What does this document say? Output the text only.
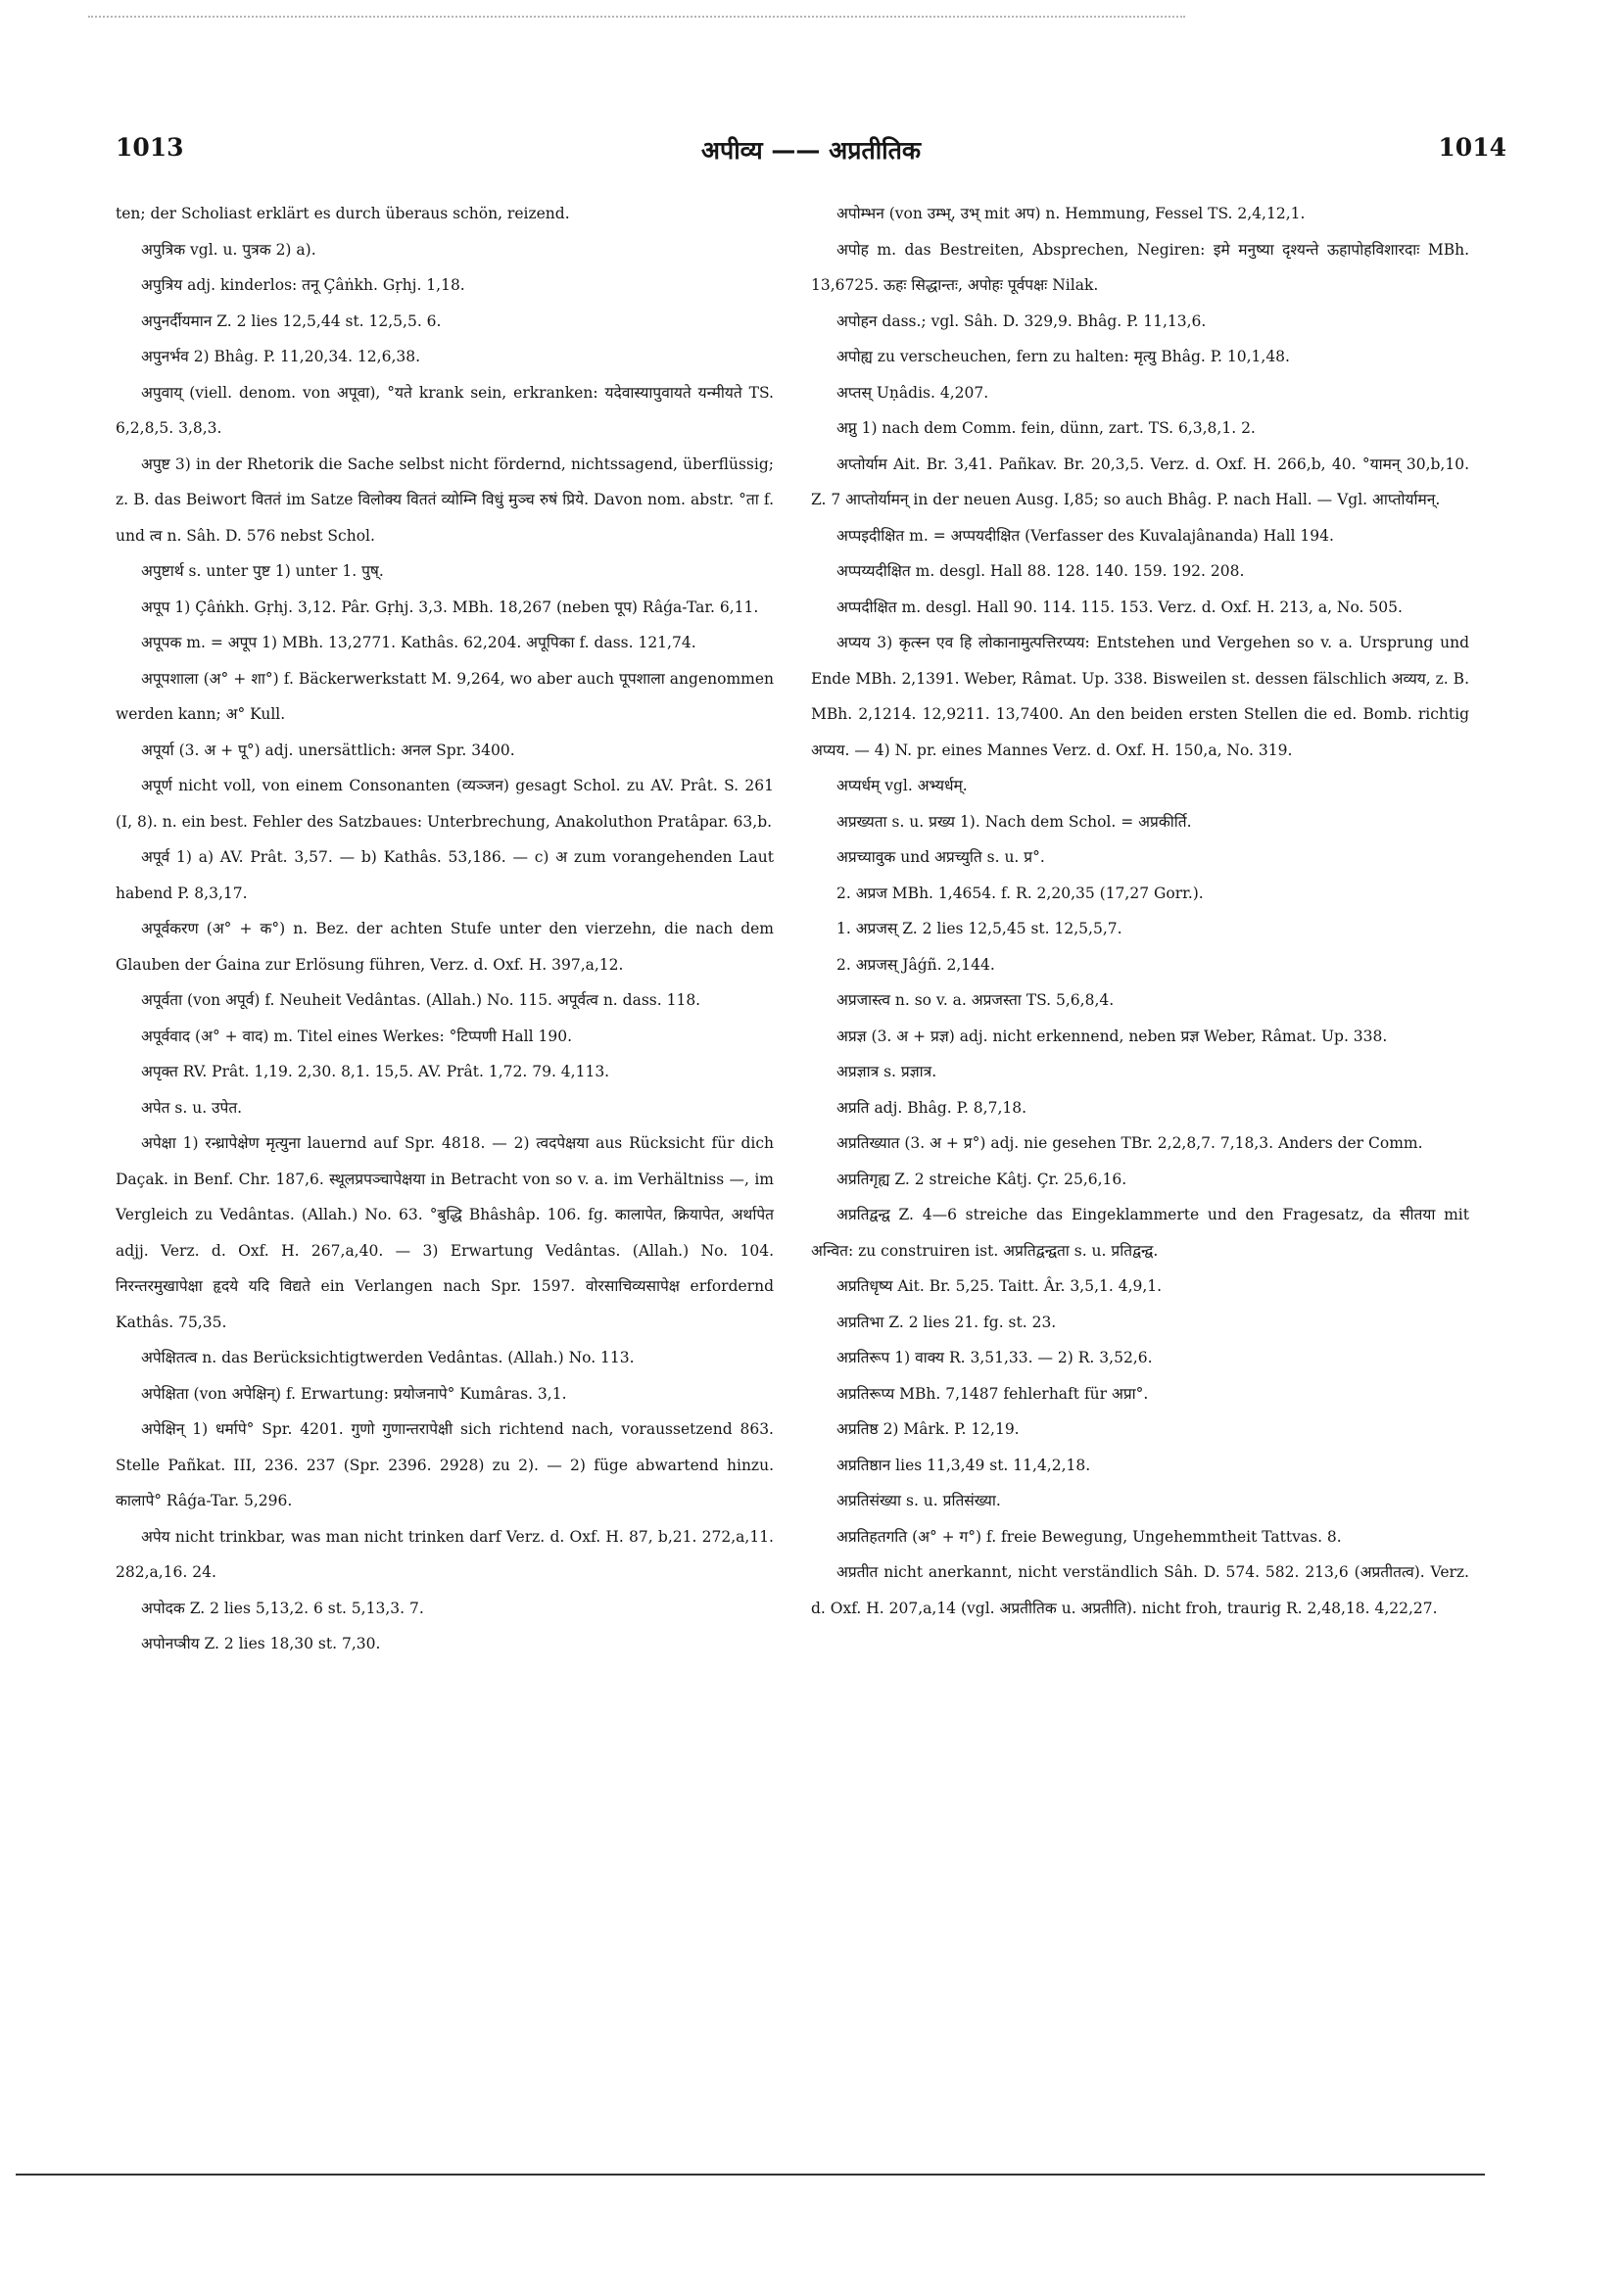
1013	अपीव्य —— अप्रतीतिक	1014

ten; der Scholiast erklärt es durch überaus schön, reizend.

अपुत्रिक vgl. u. पुत्रक 2) a).

अपुत्रिय adj. kinderlos: तनू Çâṅkh. Gṛhj. 1,18.

अपुनर्दीयमान Z. 2 lies 12,5,44 st. 12,5,5. 6.

अपुनर्भव 2) Bhâg. P. 11,20,34. 12,6,38.

अपुवाय् (viell. denom. von अपूवा), °यते krank sein, erkranken: यदेवास्यापुवायते यन्मीयते TS. 6,2,8,5. 3,8,3.

अपुष्ट 3) in der Rhetorik die Sache selbst nicht fördernd, nichtssagend, überflüssig; z. B. das Beiwort विततं im Satze विलोक्य विततं व्योम्नि विधुं मुञ्च रुषं प्रिये. Davon nom. abstr. °ता f. und त्व n. Sâh. D. 576 nebst Schol.

अपुष्टार्थ s. unter पुष्ट 1) unter 1. पुष्.

अपूप 1) Çâṅkh. Gṛhj. 3,12. Pâr. Gṛhj. 3,3. MBh. 18,267 (neben पूप) Râǵa-Tar. 6,11.

अपूपक m. = अपूप 1) MBh. 13,2771. Kathâs. 62,204. अपूपिका f. dass. 121,74.

अपूपशाला (अ° + शा°) f. Bäckerwerkstatt M. 9,264, wo aber auch पूपशाला angenommen werden kann; अ° Kull.

अपूर्या (3. अ + पू°) adj. unersättlich: अनल Spr. 3400.

अपूर्ण nicht voll, von einem Consonanten (व्यञ्जन) gesagt Schol. zu AV. Prât. S. 261 (I, 8). n. ein best. Fehler des Satzbaues: Unterbrechung, Anakoluthon Pratâpar. 63,b.

अपूर्व 1) a) AV. Prât. 3,57. — b) Kathâs. 53,186. — c) अ zum vorangehenden Laut habend P. 8,3,17.

अपूर्वकरण (अ° + क°) n. Bez. der achten Stufe unter den vierzehn, die nach dem Glauben der Ǵaina zur Erlösung führen, Verz. d. Oxf. H. 397,a,12.

अपूर्वता (von अपूर्व) f. Neuheit Vedântas. (Allah.) No. 115. अपूर्वत्व n. dass. 118.

अपूर्ववाद (अ° + वाद) m. Titel eines Werkes: °टिप्पणी Hall 190.

अपृक्त RV. Prât. 1,19. 2,30. 8,1. 15,5. AV. Prât. 1,72. 79. 4,113.

अपेत s. u. उपेत.

अपेक्षा 1) रन्ध्रापेक्षेण मृत्युना lauernd auf Spr. 4818. — 2) त्वदपेक्षया aus Rücksicht für dich Daçak. in Benf. Chr. 187,6. स्थूलप्रपञ्चापेक्षया in Betracht von so v. a. im Verhältniss —, im Vergleich zu Vedântas. (Allah.) No. 63. °बुद्धि Bhâshâp. 106. fg. कालापेत, क्रियापेत, अर्थापेत adjj. Verz. d. Oxf. H. 267,a,40. — 3) Erwartung Vedântas. (Allah.) No. 104. निरन्तरमुखापेक्षा हृदये यदि विद्यते ein Verlangen nach Spr. 1597. वोरसाचिव्यसापेक्ष erfordernd Kathâs. 75,35.

अपेक्षितत्व n. das Berücksichtigtwerden Vedântas. (Allah.) No. 113.

अपेक्षिता (von अपेक्षिन्) f. Erwartung: प्रयोजनापे° Kumâras. 3,1.

अपेक्षिन् 1) धर्मापे° Spr. 4201. गुणो गुणान्तरापेक्षी sich richtend nach, voraussetzend 863. Stelle Pañkat. III, 236. 237 (Spr. 2396. 2928) zu 2). — 2) füge abwartend hinzu. कालापे° Râǵa-Tar. 5,296.

अपेय nicht trinkbar, was man nicht trinken darf Verz. d. Oxf. H. 87, b,21. 272,a,11. 282,a,16. 24.

अपोदक Z. 2 lies 5,13,2. 6 st. 5,13,3. 7.

अपोनप्त्रीय Z. 2 lies 18,30 st. 7,30.

अपोम्भन (von उम्भ्, उभ् mit अप) n. Hemmung, Fessel TS. 2,4,12,1.

अपोह m. das Bestreiten, Absprechen, Negiren: इमे मनुष्या दृश्यन्ते ऊहापोहविशारदाः MBh. 13,6725. ऊहः सिद्धान्तः, अपोहः पूर्वपक्षः Nilak.

अपोहन dass.; vgl. Sâh. D. 329,9. Bhâg. P. 11,13,6.

अपोह्य zu verscheuchen, fern zu halten: मृत्यु Bhâg. P. 10,1,48.

अप्तस् Uṇâdis. 4,207.

अप्नु 1) nach dem Comm. fein, dünn, zart. TS. 6,3,8,1. 2.

अप्तोर्याम Ait. Br. 3,41. Pañkav. Br. 20,3,5. Verz. d. Oxf. H. 266,b, 40. °यामन् 30,b,10. Z. 7 आप्तोर्यामन् in der neuen Ausg. I,85; so auch Bhâg. P. nach Hall. — Vgl. आप्तोर्यामन्.

अप्पइदीक्षित m. = अप्पयदीक्षित (Verfasser des Kuvalajânanda) Hall 194.

अप्पय्यदीक्षित m. desgl. Hall 88. 128. 140. 159. 192. 208.

अप्पदीक्षित m. desgl. Hall 90. 114. 115. 153. Verz. d. Oxf. H. 213, a, No. 505.

अप्यय 3) कृत्स्न एव हि लोकानामुत्पत्तिरप्यय: Entstehen und Vergehen so v. a. Ursprung und Ende MBh. 2,1391. Weber, Râmat. Up. 338. Bisweilen st. dessen fälschlich अव्यय, z. B. MBh. 2,1214. 12,9211. 13,7400. An den beiden ersten Stellen die ed. Bomb. richtig अप्यय. — 4) N. pr. eines Mannes Verz. d. Oxf. H. 150,a, No. 319.

अप्यर्धम् vgl. अभ्यर्धम्.

अप्रख्यता s. u. प्रख्य 1). Nach dem Schol. = अप्रकीर्ति.

अप्रच्यावुक und अप्रच्युति s. u. प्र°.

2. अप्रज MBh. 1,4654. f. R. 2,20,35 (17,27 Gorr.).

1. अप्रजस् Z. 2 lies 12,5,45 st. 12,5,5,7.

2. अप्रजस् Jâǵñ. 2,144.

अप्रजास्त्व n. so v. a. अप्रजस्ता TS. 5,6,8,4.

अप्रज्ञ (3. अ + प्रज्ञ) adj. nicht erkennend, neben प्रज्ञ Weber, Râmat. Up. 338.

अप्रज्ञात्र s. प्रज्ञात्र.

अप्रति adj. Bhâg. P. 8,7,18.

अप्रतिख्यात (3. अ + प्र°) adj. nie gesehen TBr. 2,2,8,7. 7,18,3. Anders der Comm.

अप्रतिगृह्य Z. 2 streiche Kâtj. Çr. 25,6,16.

अप्रतिद्वन्द्व Z. 4—6 streiche das Eingeklammerte und den Fragesatz, da सीतया mit अन्वित: zu construiren ist. अप्रतिद्वन्द्वता s. u. प्रतिद्वन्द्व.

अप्रतिधृष्य Ait. Br. 5,25. Taitt. Âr. 3,5,1. 4,9,1.

अप्रतिभा Z. 2 lies 21. fg. st. 23.

अप्रतिरूप 1) वाक्य R. 3,51,33. — 2) R. 3,52,6.

अप्रतिरूप्य MBh. 7,1487 fehlerhaft für अप्रा°.

अप्रतिष्ठ 2) Mârk. P. 12,19.

अप्रतिष्ठान lies 11,3,49 st. 11,4,2,18.

अप्रतिसंख्या s. u. प्रतिसंख्या.

अप्रतिहतगति (अ° + ग°) f. freie Bewegung, Ungehemmtheit Tattvas. 8.

अप्रतीत nicht anerkannt, nicht verständlich Sâh. D. 574. 582. 213,6 (अप्रतीतत्व). Verz. d. Oxf. H. 207,a,14 (vgl. अप्रतीतिक u. अप्रतीति). nicht froh, traurig R. 2,48,18. 4,22,27.
